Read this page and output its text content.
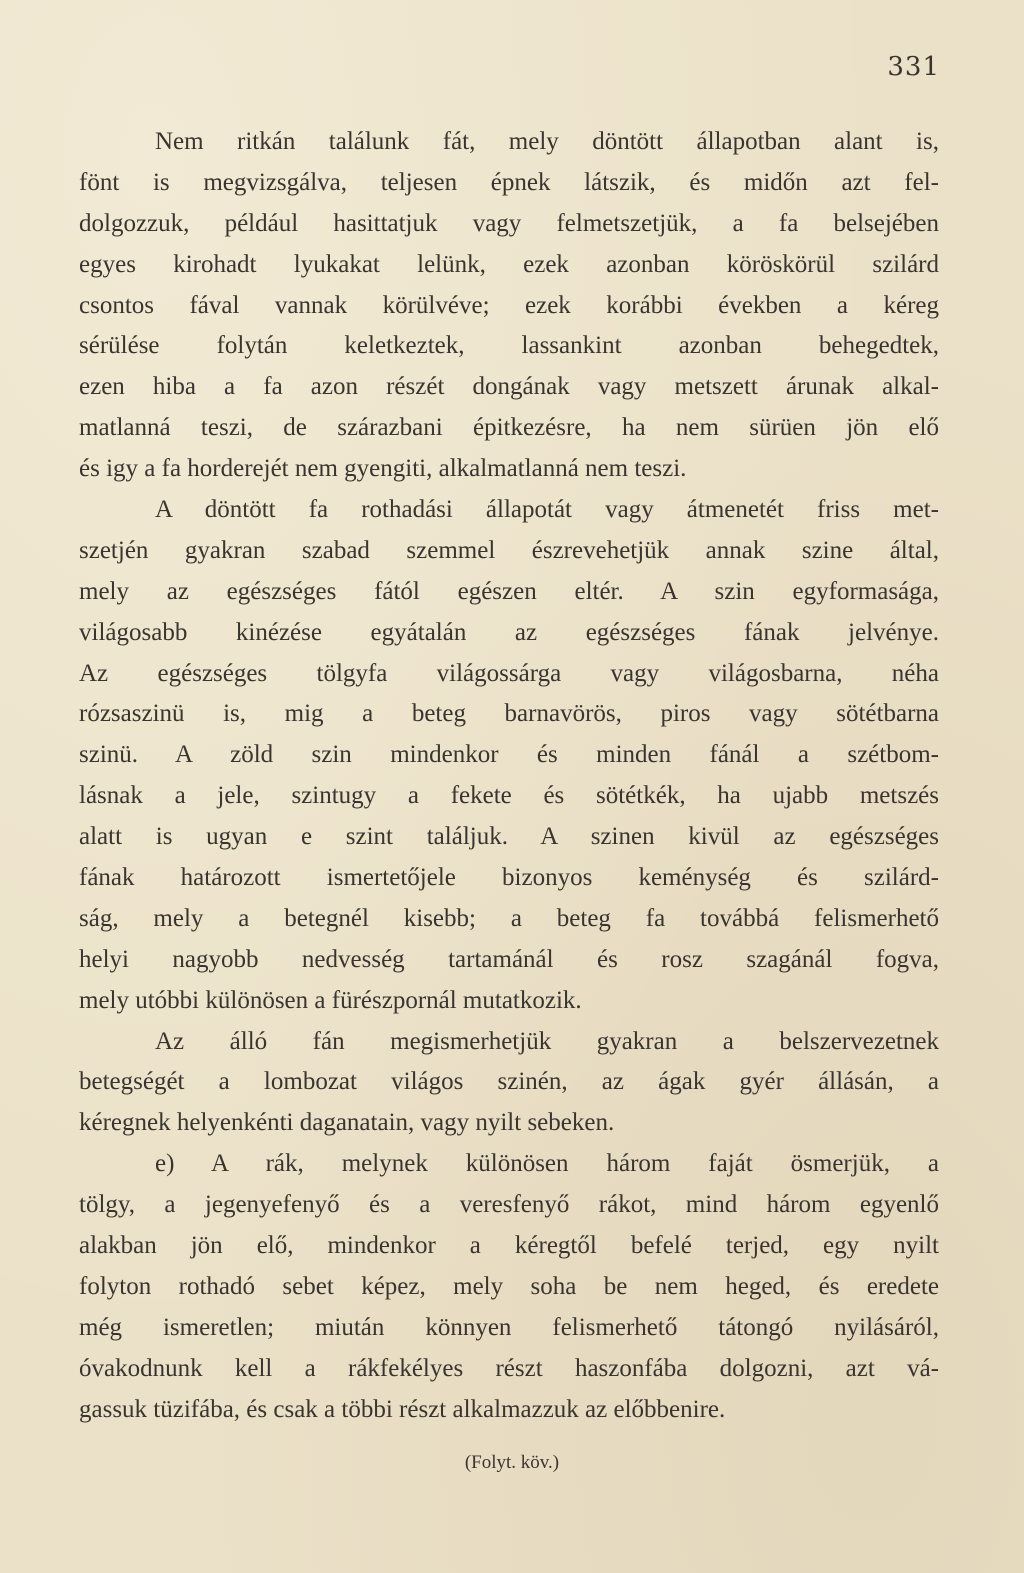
331
Nem ritkán találunk fát, mely döntött állapotban alant is,
fönt is megvizsgálva, teljesen épnek látszik, és midőn azt fel-
dolgozzuk, például hasittatjuk vagy felmetszetjük, a fa belsejében
egyes kirohadt lyukakat lelünk, ezek azonban köröskörül szilárd
csontos fával vannak körülvéve; ezek korábbi években a kéreg
sérülése folytán keletkeztek, lassankint azonban behegedtek,
ezen hiba a fa azon részét dongának vagy metszett árunak alkal-
matlanná teszi, de szárazbani épitkezésre, ha nem sürüen jön elő
és igy a fa horderejét nem gyengiti, alkalmatlanná nem teszi.
A döntött fa rothadási állapotát vagy átmenetét friss met-
szetjén gyakran szabad szemmel észrevehetjük annak szine által,
mely az egészséges fától egészen eltér. A szin egyformasága,
világosabb kinézése egyátalán az egészséges fának jelvénye.
Az egészséges tölgyfa világossárga vagy világosbarna, néha
rózsaszinü is, mig a beteg barnavörös, piros vagy sötétbarna
szinü. A zöld szin mindenkor és minden fánál a szétbom-
lásnak a jele, szintugy a fekete és sötétkék, ha ujabb metszés
alatt is ugyan e szint találjuk. A szinen kivül az egészséges
fának határozott ismertetőjele bizonyos keménység és szilárd-
ság, mely a betegnél kisebb; a beteg fa továbbá felismerhető
helyi nagyobb nedvesség tartamánál és rosz szagánál fogva,
mely utóbbi különösen a fürészpornál mutatkozik.
Az álló fán megismerhetjük gyakran a belszervezetnek
betegségét a lombozat világos szinén, az ágak gyér állásán, a
kéregnek helyenkénti daganatain, vagy nyilt sebeken.
e) A rák, melynek különösen három faját ösmerjük, a
tölgy, a jegenyefenyő és a veresfenyő rákot, mind három egyenlő
alakban jön elő, mindenkor a kéregtől befelé terjed, egy nyilt
folyton rothadó sebet képez, mely soha be nem heged, és eredete
még ismeretlen; miután könnyen felismerhető tátongó nyilásáról,
óvakodnunk kell a rákfekélyes részt haszonfába dolgozni, azt vá-
gassuk tüzifába, és csak a többi részt alkalmazzuk az előbbenire.
(Folyt. köv.)
